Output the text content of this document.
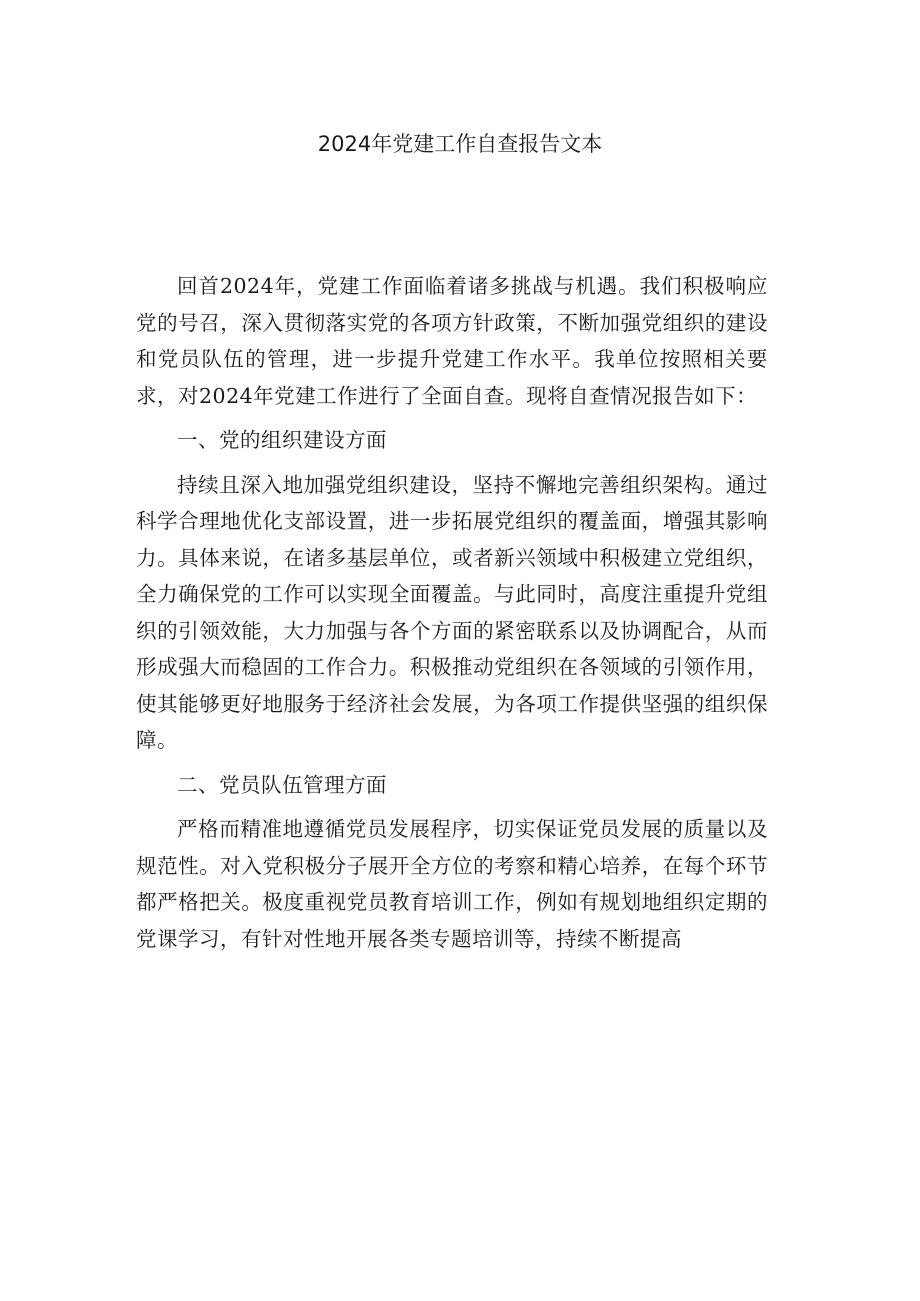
2024年党建工作自查报告文本

回首2024年，党建工作面临着诸多挑战与机遇。我们积极响应党的号召，深入贯彻落实党的各项方针政策，不断加强党组织的建设和党员队伍的管理，进一步提升党建工作水平。我单位按照相关要求，对2024年党建工作进行了全面自查。现将自查情况报告如下：

一、党的组织建设方面

持续且深入地加强党组织建设，坚持不懈地完善组织架构。通过科学合理地优化支部设置，进一步拓展党组织的覆盖面，增强其影响力。具体来说，在诸多基层单位，或者新兴领域中积极建立党组织，全力确保党的工作可以实现全面覆盖。与此同时，高度注重提升党组织的引领效能，大力加强与各个方面的紧密联系以及协调配合，从而形成强大而稳固的工作合力。积极推动党组织在各领域的引领作用，使其能够更好地服务于经济社会发展，为各项工作提供坚强的组织保障。

二、党员队伍管理方面

严格而精准地遵循党员发展程序，切实保证党员发展的质量以及规范性。对入党积极分子展开全方位的考察和精心培养，在每个环节都严格把关。极度重视党员教育培训工作，例如有规划地组织定期的党课学习，有针对性地开展各类专题培训等，持续不断提高
